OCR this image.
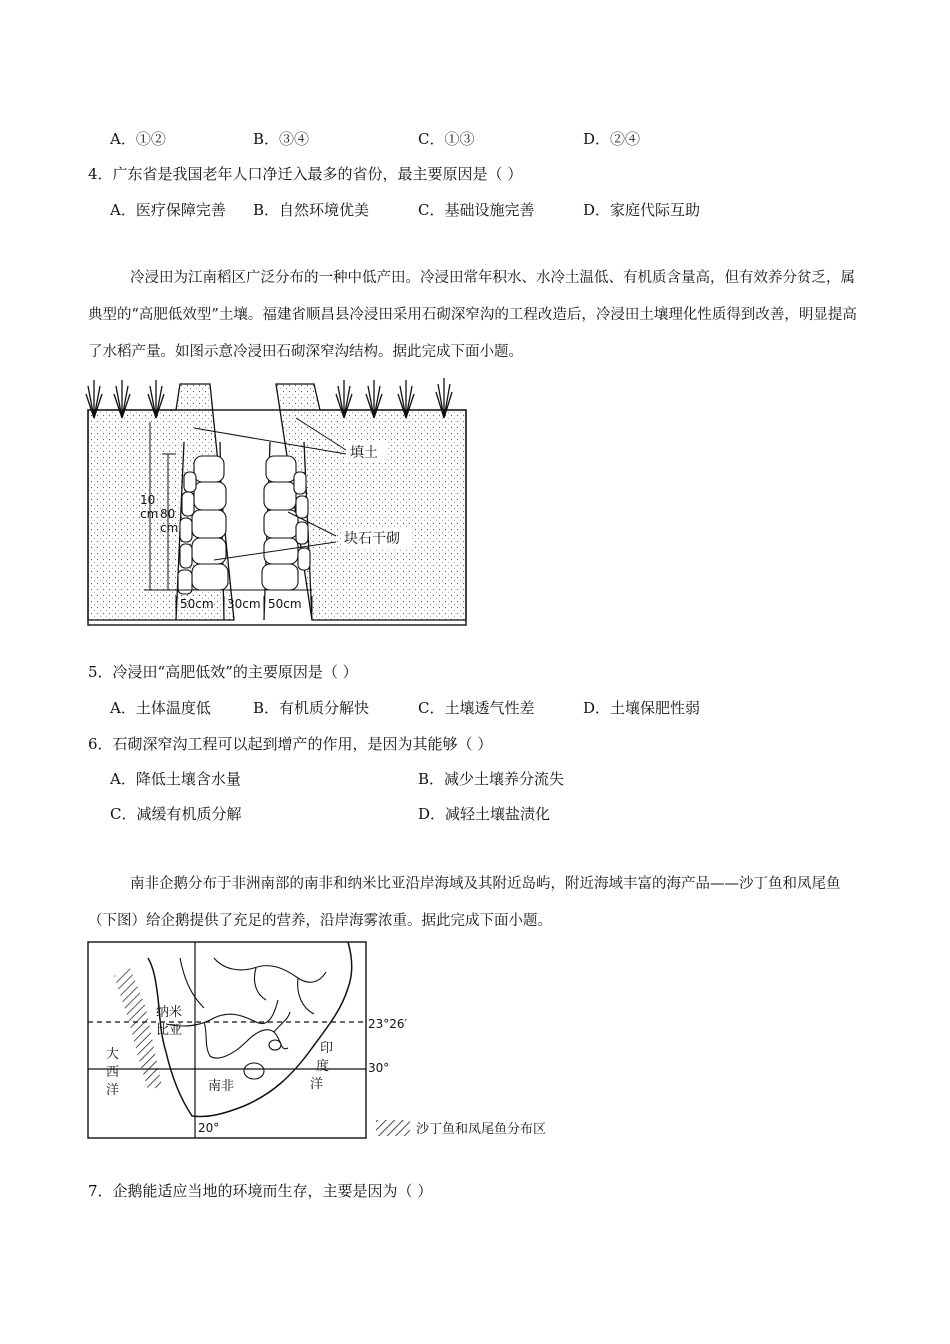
A．①②	B．③④	C．①③	D．②④
4．广东省是我国老年人口净迁入最多的省份，最主要原因是（ ）
A．医疗保障完善 B．自然环境优美	C．基础设施完善	D．家庭代际互助
冷浸田为江南稻区广泛分布的一种中低产田。冷浸田常年积水、水冷土温低、有机质含量高，但有效养分贫乏，属典型的“高肥低效型”土壤。福建省顺昌县冷浸田采用石砌深窄沟的工程改造后，冷浸田土壤理化性质得到改善，明显提高了水稻产量。如图示意冷浸田石砌深窄沟结构。据此完成下面小题。
填土
块石干砌
10
cm 80
cm
50cm 30cm 50cm
5．冷浸田“高肥低效”的主要原因是（ ）
A．土体温度低	B．有机质分解快	C．土壤透气性差	D．土壤保肥性弱
6．石砌深窄沟工程可以起到增产的作用，是因为其能够（ ）
A．降低土壤含水量	B．减少土壤养分流失
C．减缓有机质分解	D．减轻土壤盐渍化
南非企鹅分布于非洲南部的南非和纳米比亚沿岸海域及其附近岛屿，附近海域丰富的海产品——沙丁鱼和凤尾鱼（下图）给企鹅提供了充足的营养，沿岸海雾浓重。据此完成下面小题。
纳米
比亚
大
西
洋
印
度
洋
南非
23°26′
30°
20°	沙丁鱼和凤尾鱼分布区
7．企鹅能适应当地的环境而生存，主要是因为（ ）
